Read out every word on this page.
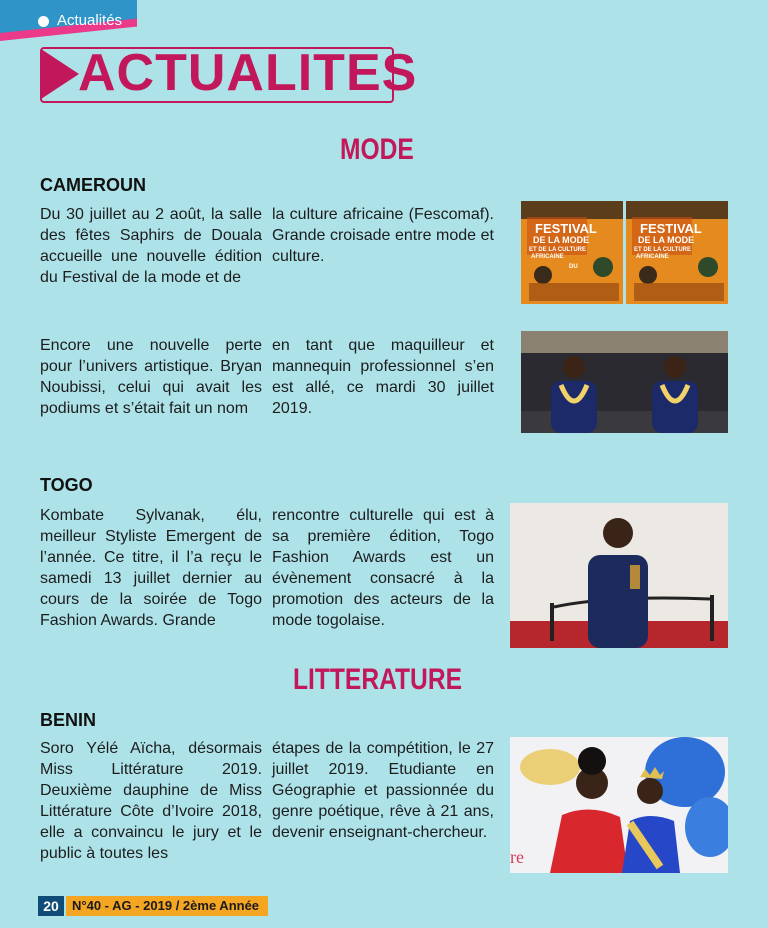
Actualités
ACTUALITES
MODE
CAMEROUN

Du 30 juillet au 2 août, la salle des fêtes Saphirs de Douala accueille une nouvelle édition du Festival de la mode et de

la culture africaine (Fescomaf). Grande croisade entre mode et culture.

FESTIVAL
DE LA MODE
ET DE LA CULTURE
AFRICAINE
DU
FESTIVAL
DE LA MODE
ET DE LA CULTURE
AFRICAINE

Encore une nouvelle perte pour l’univers artistique. Bryan Noubissi, celui qui avait les podiums et s’était fait un nom

en tant que maquilleur et mannequin professionnel s’en est allé, ce mardi 30 juillet 2019.

TOGO

Kombate Sylvanak, élu, meilleur Styliste Emergent de l’année. Ce titre, il l’a reçu le samedi 13 juillet dernier au cours de la soirée de Togo Fashion Awards. Grande

rencontre culturelle qui est à sa première édition, Togo Fashion Awards est un évènement consacré à la promotion des acteurs de la mode togolaise.

LITTERATURE
BENIN

Soro Yélé Aïcha, désormais Miss Littérature 2019. Deuxième dauphine de Miss Littérature Côte d’Ivoire 2018, elle a convaincu le jury et le public à toutes les

étapes de la compétition, le 27 juillet 2019. Etudiante en Géographie et passionnée du genre poétique, rêve à 21 ans, devenir enseignant-chercheur.

re
20	N°40 - AG - 2019 / 2ème Année
